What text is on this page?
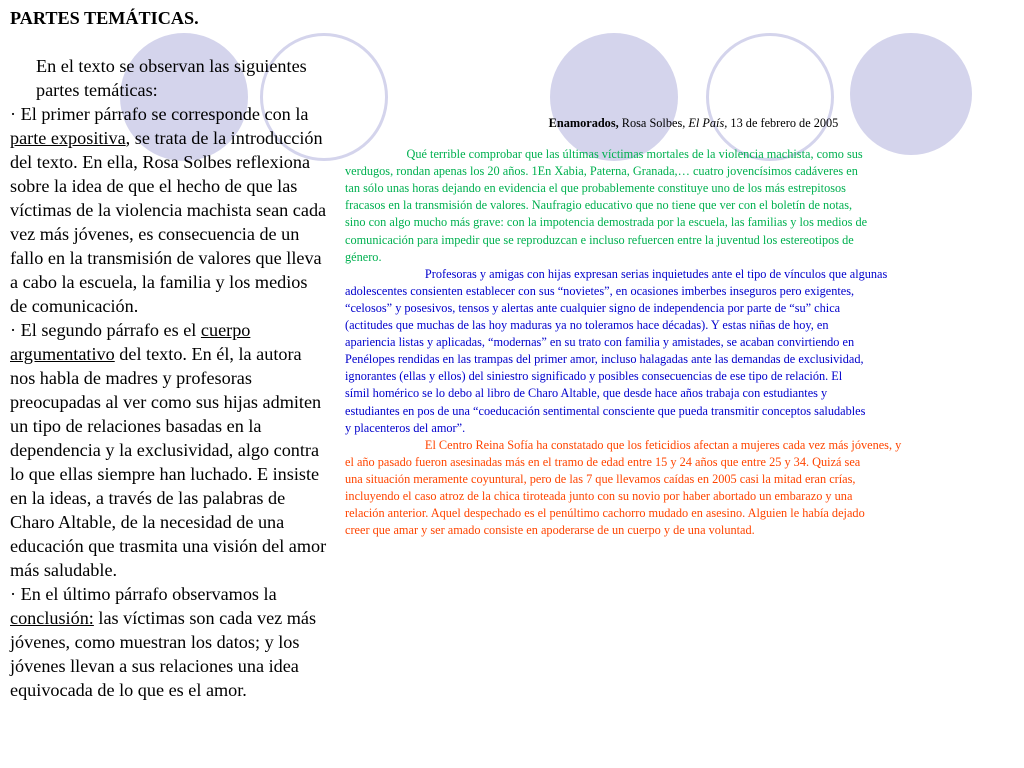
PARTES TEMÁTICAS.

En el texto se observan las siguientes partes temáticas:

· El primer párrafo se corresponde con la parte expositiva, se trata de la introducción del texto. En ella, Rosa Solbes reflexiona sobre la idea de que el hecho de que las víctimas de la violencia machista sean cada vez más jóvenes, es consecuencia de un fallo en la transmisión de valores que lleva a cabo la escuela, la familia y los medios de comunicación.

· El segundo párrafo es el cuerpo argumentativo del texto. En él, la autora nos habla de madres y profesoras preocupadas al ver como sus hijas admiten un tipo de relaciones basadas en la dependencia y la exclusividad, algo contra lo que ellas siempre han luchado. E insiste en la ideas, a través de las palabras de Charo Altable, de la necesidad de una educación que trasmita una visión del amor más saludable.

· En el último párrafo observamos la conclusión: las víctimas son cada vez más jóvenes, como muestran los datos; y los jóvenes llevan a sus relaciones una idea equivocada de lo que es el amor.

Enamorados, Rosa Solbes, El País, 13 de febrero de 2005

Qué terrible comprobar que las últimas víctimas mortales de la violencia machista, como sus

verdugos, rondan apenas los 20 años. 1En Xabia, Paterna, Granada,… cuatro jovencísimos cadáveres en

tan sólo unas horas dejando en evidencia el que probablemente constituye uno de los más estrepitosos

fracasos en la transmisión de valores. Naufragio educativo que no tiene que ver con el boletín de notas,

sino con algo mucho más grave: con la impotencia demostrada por la escuela, las familias y los medios de

comunicación para impedir que se reproduzcan e incluso refuercen entre la juventud los estereotipos de

género.

Profesoras y amigas con hijas expresan serias inquietudes ante el tipo de vínculos que algunas

adolescentes consienten establecer con sus “novietes”, en ocasiones imberbes inseguros pero exigentes,

“celosos” y posesivos, tensos y alertas ante cualquier signo de independencia por parte de “su” chica

(actitudes que muchas de las hoy maduras ya no toleramos hace décadas). Y estas niñas de hoy, en

apariencia listas y aplicadas, “modernas” en su trato con familia y amistades, se acaban convirtiendo en

Penélopes rendidas en las trampas del primer amor, incluso halagadas ante las demandas de exclusividad,

ignorantes (ellas y ellos) del siniestro significado y posibles consecuencias de ese tipo de relación. El

símil homérico se lo debo al libro de Charo Altable, que desde hace años trabaja con estudiantes y

estudiantes en pos de una “coeducación sentimental consciente que pueda transmitir conceptos saludables

y placenteros del amor”.

El Centro Reina Sofía ha constatado que los feticidios afectan a mujeres cada vez más jóvenes, y

el año pasado fueron asesinadas más en el tramo de edad entre 15 y 24 años que entre 25 y 34. Quizá sea

una situación meramente coyuntural, pero de las 7 que llevamos caídas en 2005 casi la mitad eran crías,

incluyendo el caso atroz de la chica tiroteada junto con su novio por haber abortado un embarazo y una

relación anterior. Aquel despechado es el penúltimo cachorro mudado en asesino. Alguien le había dejado

creer que amar y ser amado consiste en apoderarse de un cuerpo y de una voluntad.
